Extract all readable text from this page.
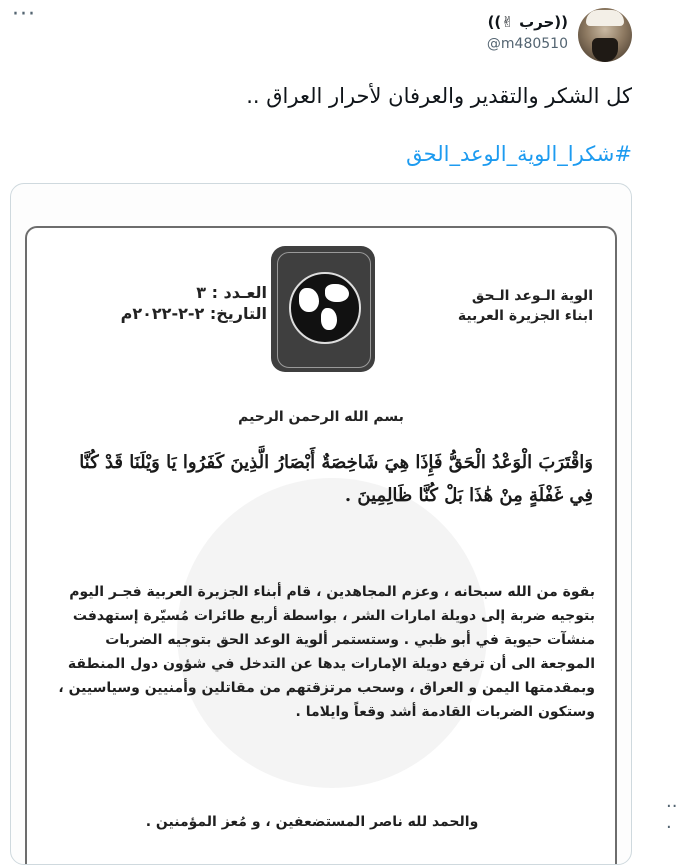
···	((حرب ✌))
@m480510
كل الشكر والتقدير والعرفان لأحرار العراق ..
#شكرا_الوية_الوعد_الحق
الوية الـوعد الـحق
ابناء الجزيرة العربية
العـدد : ٣
التاريخ: ٢-٢-٢٠٢٢م
بسم الله الرحمن الرحيم
وَاقْتَرَبَ الْوَعْدُ الْحَقُّ فَإِذَا هِيَ شَاخِصَةٌ أَبْصَارُ الَّذِينَ كَفَرُوا يَا وَيْلَنَا قَدْ كُنَّا فِي غَفْلَةٍ مِنْ هَٰذَا بَلْ كُنَّا ظَالِمِينَ .
بقوة من الله سبحانه ، وعزم المجاهدين ، قام أبناء الجزيرة العربية فجـر اليوم بتوجيه ضربة إلى دويلة امارات الشر ، بواسطة أربع طائرات مُسيّرة إستهدفت منشآت حيوية في أبو ظبي . وستستمر ألوية الوعد الحق بتوجيه الضربات الموجعة الى أن ترفع دويلة الإمارات يدها عن التدخل في شؤون دول المنطقة وبمقدمتها اليمن و العراق ، وسحب مرتزقتهم من مقاتلين وأمنيين وسياسيين ، وستكون الضربات القادمة أشد وقعاً وايلاما .
والحمد لله ناصر المستضعفين ، و مُعز المؤمنين .
·· ·
